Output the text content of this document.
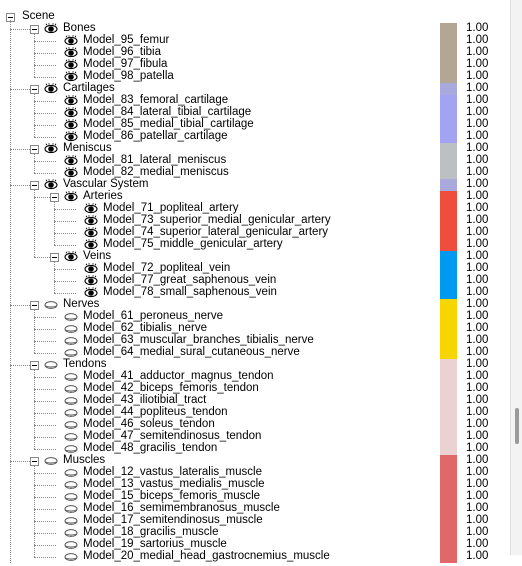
Scene
Bones	1.00
Model_95_femur	1.00
Model_96_tibia	1.00
Model_97_fibula	1.00
Model_98_patella	1.00
Cartilages	1.00
Model_83_femoral_cartilage	1.00
Model_84_lateral_tibial_cartilage	1.00
Model_85_medial_tibial_cartilage	1.00
Model_86_patellar_cartilage	1.00
Meniscus	1.00
Model_81_lateral_meniscus	1.00
Model_82_medial_meniscus	1.00
Vascular System	1.00
Arteries	1.00
Model_71_popliteal_artery	1.00
Model_73_superior_medial_genicular_artery	1.00
Model_74_superior_lateral_genicular_artery	1.00
Model_75_middle_genicular_artery	1.00
Veins	1.00
Model_72_popliteal_vein	1.00
Model_77_great_saphenous_vein	1.00
Model_78_small_saphenous_vein	1.00
Nerves	1.00
Model_61_peroneus_nerve	1.00
Model_62_tibialis_nerve	1.00
Model_63_muscular_branches_tibialis_nerve	1.00
Model_64_medial_sural_cutaneous_nerve	1.00
Tendons	1.00
Model_41_adductor_magnus_tendon	1.00
Model_42_biceps_femoris_tendon	1.00
Model_43_iliotibial_tract	1.00
Model_44_popliteus_tendon	1.00
Model_46_soleus_tendon	1.00
Model_47_semitendinosus_tendon	1.00
Model_48_gracilis_tendon	1.00
Muscles	1.00
Model_12_vastus_lateralis_muscle	1.00
Model_13_vastus_medialis_muscle	1.00
Model_15_biceps_femoris_muscle	1.00
Model_16_semimembranosus_muscle	1.00
Model_17_semitendinosus_muscle	1.00
Model_18_gracilis_muscle	1.00
Model_19_sartorius_muscle	1.00
Model_20_medial_head_gastrocnemius_muscle	1.00
